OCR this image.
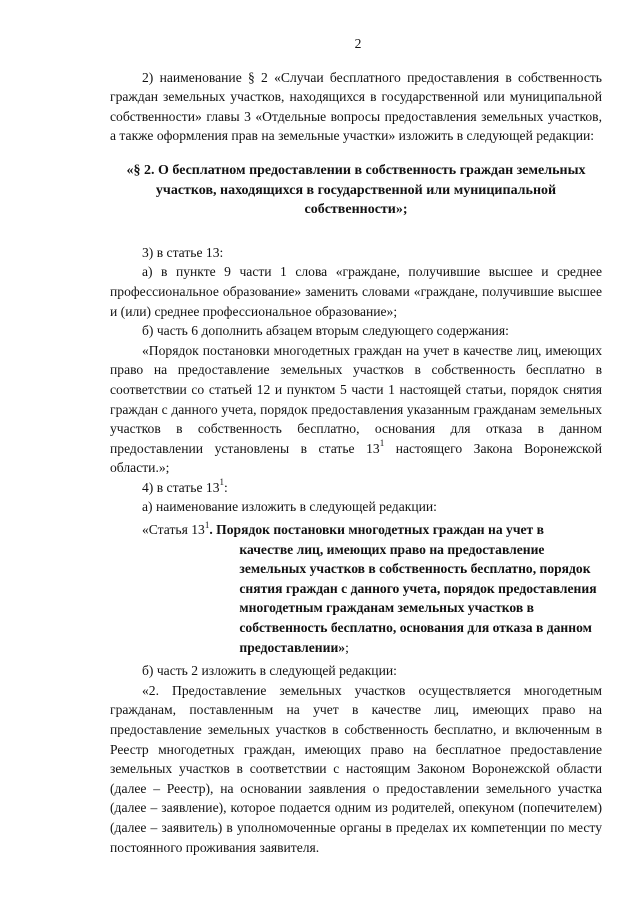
2

2) наименование § 2 «Случаи бесплатного предоставления в собственность граждан земельных участков, находящихся в государственной или муниципальной собственности» главы 3 «Отдельные вопросы предоставления земельных участков, а также оформления прав на земельные участки» изложить в следующей редакции:

«§ 2. О бесплатном предоставлении в собственность граждан земельных участков, находящихся в государственной или муниципальной собственности»;

3) в статье 13:

а) в пункте 9 части 1 слова «граждане, получившие высшее и среднее профессиональное образование» заменить словами «граждане, получившие высшее и (или) среднее профессиональное образование»;

б) часть 6 дополнить абзацем вторым следующего содержания:

«Порядок постановки многодетных граждан на учет в качестве лиц, имеющих право на предоставление земельных участков в собственность бесплатно в соответствии со статьей 12 и пунктом 5 части 1 настоящей статьи, порядок снятия граждан с данного учета, порядок предоставления указанным гражданам земельных участков в собственность бесплатно, основания для отказа в данном предоставлении установлены в статье $13^1$ настоящего Закона Воронежской области.»;

4) в статье $13^1$:

а) наименование изложить в следующей редакции:

«Статья $13^1$ . Порядок постановки многодетных граждан на учет в
качестве лиц, имеющих право на предоставление земельных участков в собственность бесплатно, порядок снятия граждан с данного учета, порядок предоставления многодетным гражданам земельных участков в собственность бесплатно, основания для отказа в данном предоставлении»;

б) часть 2 изложить в следующей редакции:

«2. Предоставление земельных участков осуществляется многодетным гражданам, поставленным на учет в качестве лиц, имеющих право на предоставление земельных участков в собственность бесплатно, и включенным в Реестр многодетных граждан, имеющих право на бесплатное предоставление земельных участков в соответствии с настоящим Законом Воронежской области (далее – Реестр), на основании заявления о предоставлении земельного участка (далее – заявление), которое подается одним из родителей, опекуном (попечителем) (далее – заявитель) в уполномоченные органы в пределах их компетенции по месту постоянного проживания заявителя.
